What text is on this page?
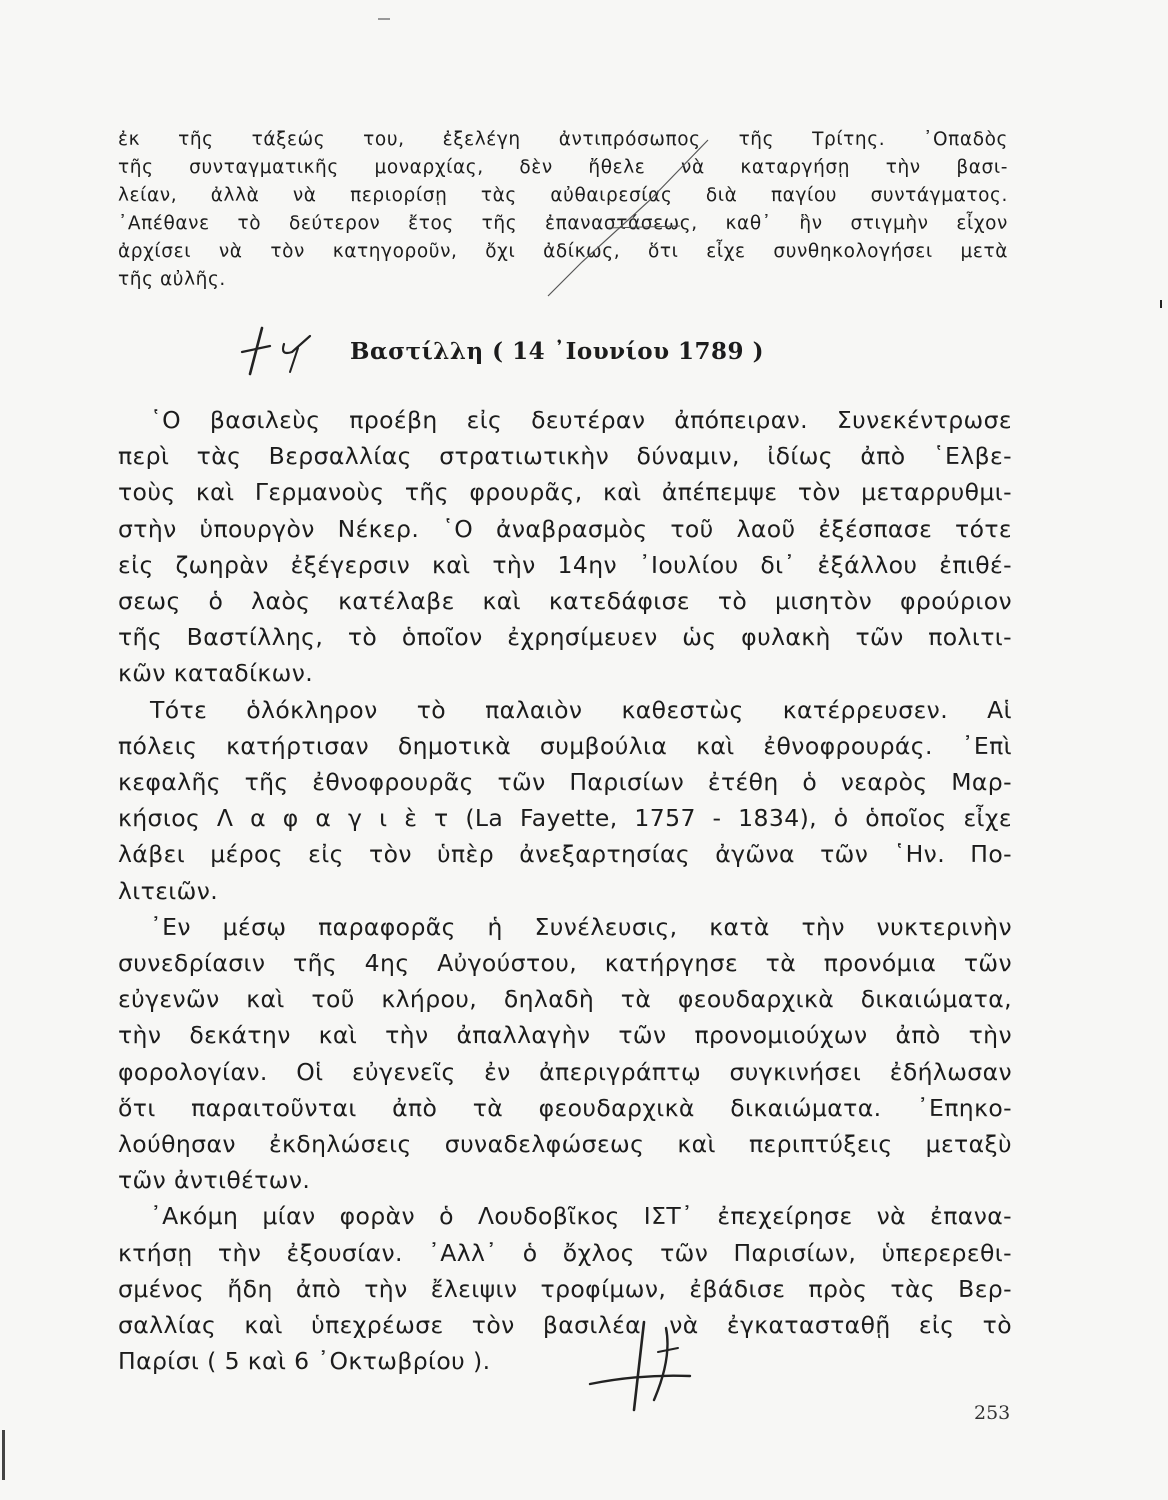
ἐκ τῆς τάξεώς του, ἐξελέγη ἀντιπρόσωπος τῆς Τρίτης. ᾿Οπαδὸς
τῆς συνταγματικῆς μοναρχίας, δὲν ἤθελε νὰ καταργήσῃ τὴν βασι-
λείαν, ἀλλὰ νὰ περιορίσῃ τὰς αὐθαιρεσίας διὰ παγίου συντάγματος.
᾿Απέθανε τὸ δεύτερον ἔτος τῆς ἐπαναστάσεως, καθ᾿ ἣν στιγμὴν εἶχον
ἀρχίσει νὰ τὸν κατηγοροῦν, ὄχι ἀδίκως, ὅτι εἶχε συνθηκολογήσει μετὰ
τῆς αὐλῆς.
Βαστίλλη ( 14 ᾿Ιουνίου 1789 )
῾Ο βασιλεὺς προέβη εἰς δευτέραν ἀπόπειραν. Συνεκέντρωσε
περὶ τὰς Βερσαλλίας στρατιωτικὴν δύναμιν, ἰδίως ἀπὸ ῾Ελβε-
τοὺς καὶ Γερμανοὺς τῆς φρουρᾶς, καὶ ἀπέπεμψε τὸν μεταρρυθμι-
στὴν ὑπουργὸν Νέκερ. ῾Ο ἀναβρασμὸς τοῦ λαοῦ ἐξέσπασε τότε
εἰς ζωηρὰν ἐξέγερσιν καὶ τὴν 14ην ᾿Ιουλίου δι᾿ ἐξάλλου ἐπιθέ-
σεως ὁ λαὸς κατέλαβε καὶ κατεδάφισε τὸ μισητὸν φρούριον
τῆς Βαστίλλης, τὸ ὁποῖον ἐχρησίμευεν ὡς φυλακὴ τῶν πολιτι-
κῶν καταδίκων.
Τότε ὁλόκληρον τὸ παλαιὸν καθεστὼς κατέρρευσεν. Αἱ
πόλεις κατήρτισαν δημοτικὰ συμβούλια καὶ ἐθνοφρουράς. ᾿Επὶ
κεφαλῆς τῆς ἐθνοφρουρᾶς τῶν Παρισίων ἐτέθη ὁ νεαρὸς Μαρ-
κήσιος Λ α φ α γ ι ὲ τ (La Fayette, 1757 - 1834), ὁ ὁποῖος εἶχε
λάβει μέρος εἰς τὸν ὑπὲρ ἀνεξαρτησίας ἀγῶνα τῶν ῾Ην. Πο-
λιτειῶν.
᾿Εν μέσῳ παραφορᾶς ἡ Συνέλευσις, κατὰ τὴν νυκτερινὴν
συνεδρίασιν τῆς 4ης Αὐγούστου, κατήργησε τὰ προνόμια τῶν
εὐγενῶν καὶ τοῦ κλήρου, δηλαδὴ τὰ φεουδαρχικὰ δικαιώματα,
τὴν δεκάτην καὶ τὴν ἀπαλλαγὴν τῶν προνομιούχων ἀπὸ τὴν
φορολογίαν. Οἱ εὐγενεῖς ἐν ἀπεριγράπτῳ συγκινήσει ἐδήλωσαν
ὅτι παραιτοῦνται ἀπὸ τὰ φεουδαρχικὰ δικαιώματα. ᾿Επηκο-
λούθησαν ἐκδηλώσεις συναδελφώσεως καὶ περιπτύξεις μεταξὺ
τῶν ἀντιθέτων.
᾿Ακόμη μίαν φορὰν ὁ Λουδοβῖκος ΙΣΤ᾿ ἐπεχείρησε νὰ ἐπανα-
κτήσῃ τὴν ἐξουσίαν. ᾿Αλλ᾿ ὁ ὄχλος τῶν Παρισίων, ὑπερερεθι-
σμένος ἤδη ἀπὸ τὴν ἔλειψιν τροφίμων, ἐβάδισε πρὸς τὰς Βερ-
σαλλίας καὶ ὑπεχρέωσε τὸν βασιλέα νὰ ἐγκατασταθῇ εἰς τὸ
Παρίσι ( 5 καὶ 6 ᾿Οκτωβρίου ).
253
